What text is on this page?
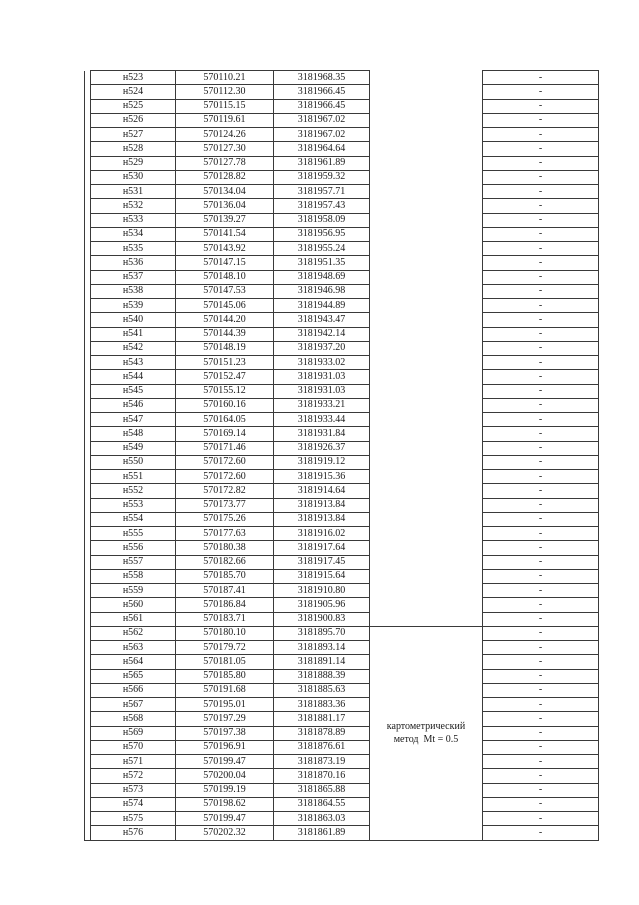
	н523	570110.21	3181968.35		-
	н524	570112.30	3181966.45		-
	н525	570115.15	3181966.45		-
	н526	570119.61	3181967.02		-
	н527	570124.26	3181967.02		-
	н528	570127.30	3181964.64		-
	н529	570127.78	3181961.89		-
	н530	570128.82	3181959.32		-
	н531	570134.04	3181957.71		-
	н532	570136.04	3181957.43		-
	н533	570139.27	3181958.09		-
	н534	570141.54	3181956.95		-
	н535	570143.92	3181955.24		-
	н536	570147.15	3181951.35		-
	н537	570148.10	3181948.69		-
	н538	570147.53	3181946.98		-
	н539	570145.06	3181944.89		-
	н540	570144.20	3181943.47		-
	н541	570144.39	3181942.14		-
	н542	570148.19	3181937.20		-
	н543	570151.23	3181933.02		-
	н544	570152.47	3181931.03		-
	н545	570155.12	3181931.03		-
	н546	570160.16	3181933.21		-
	н547	570164.05	3181933.44		-
	н548	570169.14	3181931.84		-
	н549	570171.46	3181926.37		-
	н550	570172.60	3181919.12		-
	н551	570172.60	3181915.36		-
	н552	570172.82	3181914.64		-
	н553	570173.77	3181913.84		-
	н554	570175.26	3181913.84		-
	н555	570177.63	3181916.02		-
	н556	570180.38	3181917.64		-
	н557	570182.66	3181917.45		-
	н558	570185.70	3181915.64		-
	н559	570187.41	3181910.80		-
	н560	570186.84	3181905.96		-
	н561	570183.71	3181900.83		-
	н562	570180.10	3181895.70	картометрический
метод  Mt = 0.5	-
	н563	570179.72	3181893.14		-
	н564	570181.05	3181891.14		-
	н565	570185.80	3181888.39		-
	н566	570191.68	3181885.63		-
	н567	570195.01	3181883.36		-
	н568	570197.29	3181881.17		-
	н569	570197.38	3181878.89		-
	н570	570196.91	3181876.61		-
	н571	570199.47	3181873.19		-
	н572	570200.04	3181870.16		-
	н573	570199.19	3181865.88		-
	н574	570198.62	3181864.55		-
	н575	570199.47	3181863.03		-
	н576	570202.32	3181861.89		-
